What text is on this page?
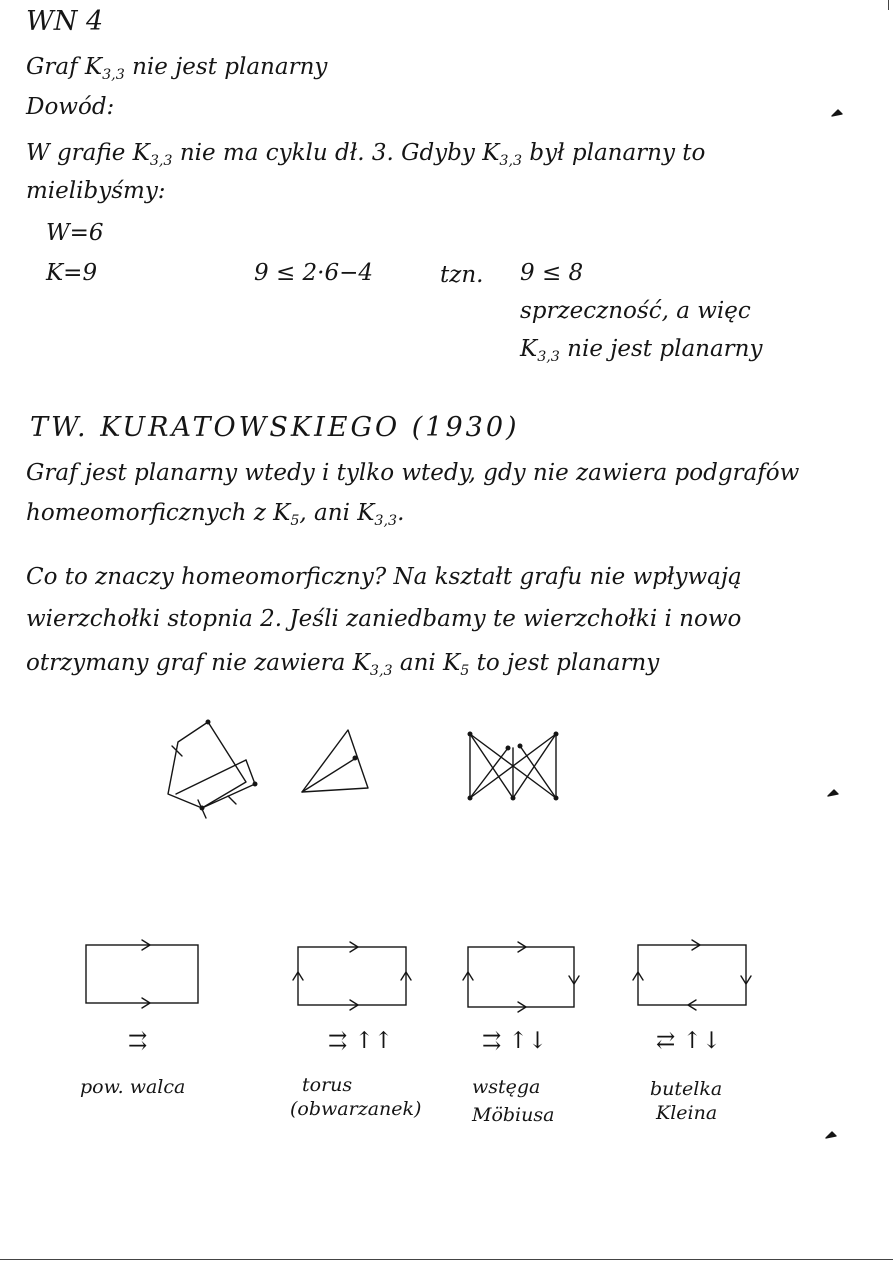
WN 4
Graf $K_{3,3}$ nie jest planarny
Dowód:
W grafie $K_{3,3}$ nie ma cyklu dł. 3. Gdyby $K_{3,3}$ był planarny to
mielibyśmy:
W=6
K=9	9 ≤ 2·6−4	tzn. 9 ≤ 8
sprzeczność, a więc
$K_{3,3}$ nie jest planarny
TW. KURATOWSKIEGO (1930)
Graf jest planarny wtedy i tylko wtedy, gdy nie zawiera podgrafów
homeomorficznych z $K_5$, ani $K_{3,3}$.
Co to znaczy homeomorficzny? Na kształt grafu nie wpływają
wierzchołki stopnia 2. Jeśli zaniedbamy te wierzchołki i nowo
otrzymany graf nie zawiera $K_{3,3}$ ani $K_5$ to jest planarny
⇉
pow. walca
⇉ ↑↑
torus
(obwarzanek)
⇉ ↑↓
wstęga
Möbiusa
⇄ ↑↓
butelka
Kleina
